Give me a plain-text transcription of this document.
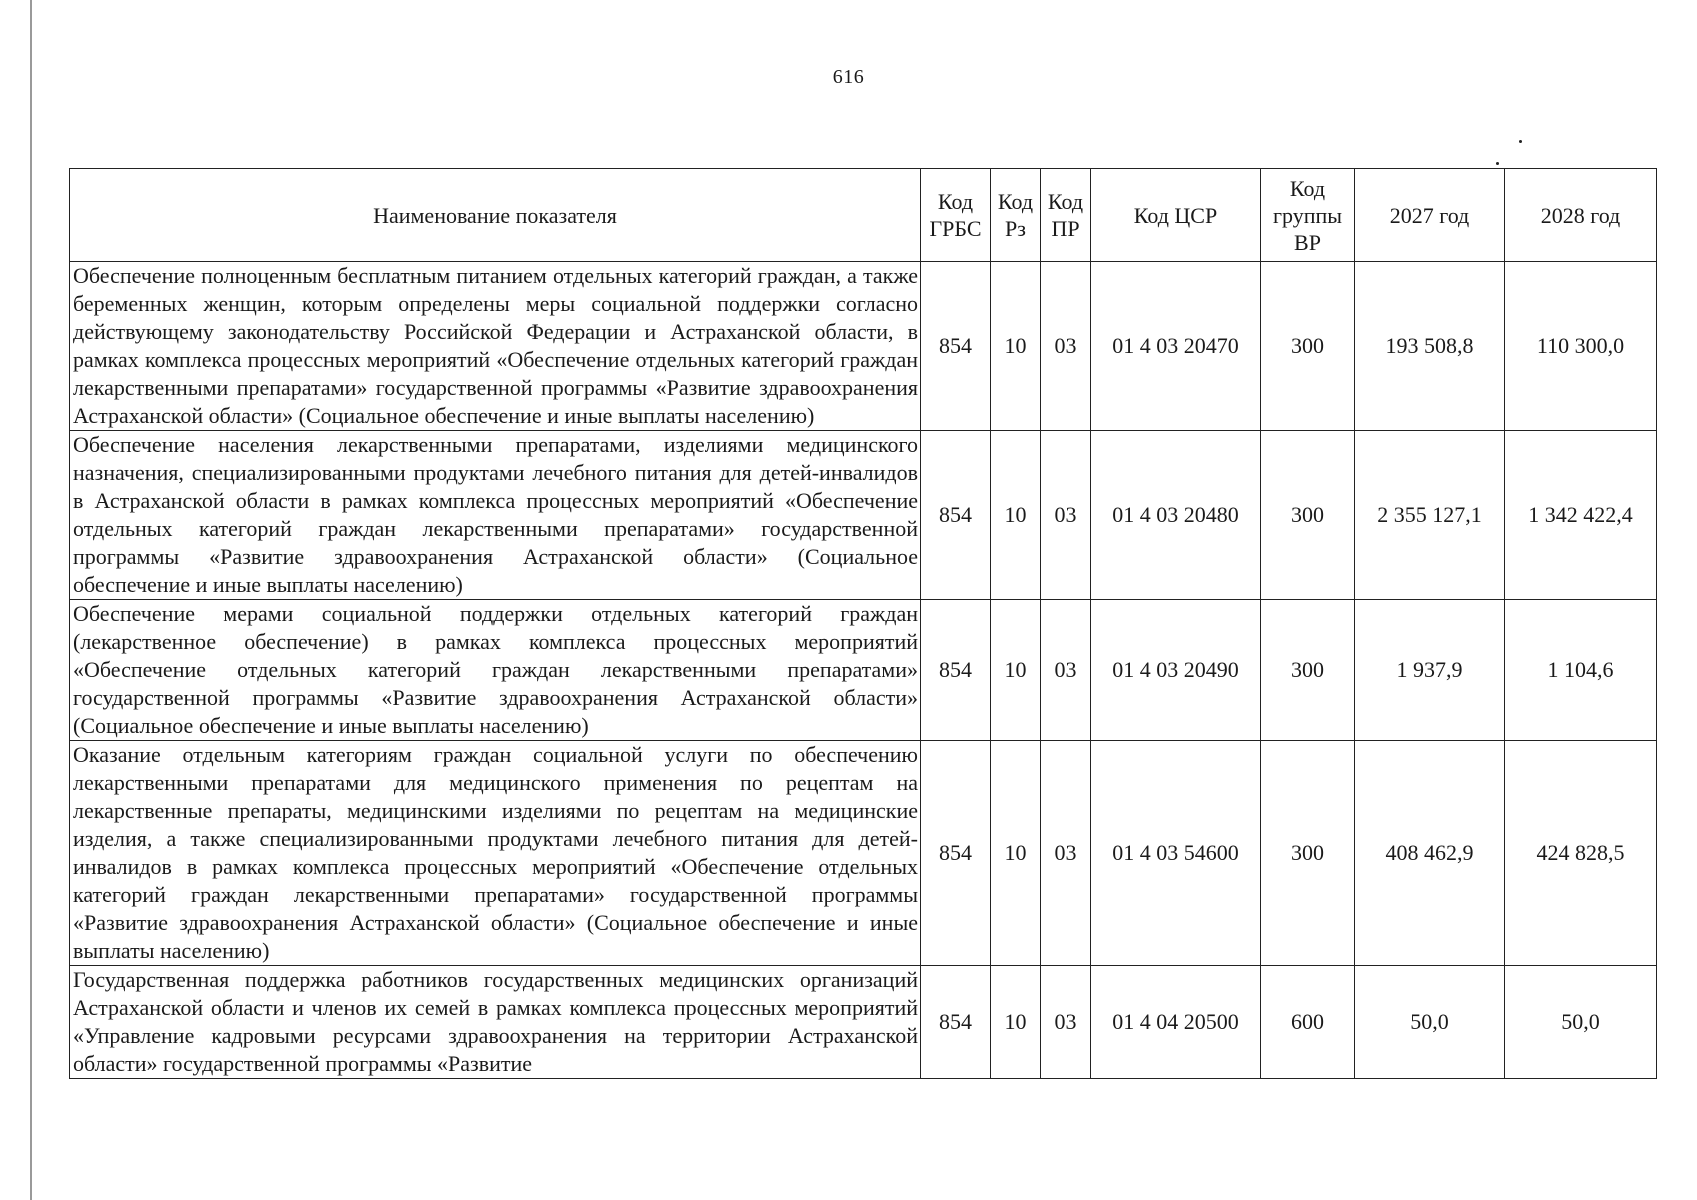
616
Наименование показателя	Код ГРБС	Код Рз	Код ПР	Код ЦСР	Код группы ВР	2027 год	2028 год
Обеспечение полноценным бесплатным питанием отдельных категорий граждан, а также беременных женщин, которым определены меры социальной поддержки согласно действующему законодательству Российской Федерации и Астраханской области, в рамках комплекса процессных мероприятий «Обеспечение отдельных категорий граждан лекарственными препаратами» государственной программы «Развитие здравоохранения Астраханской области» (Социальное обеспечение и иные выплаты населению)	854	10	03	01 4 03 20470	300	193 508,8	110 300,0
Обеспечение населения лекарственными препаратами, изделиями медицинского назначения, специализированными продуктами лечебного питания для детей-инвалидов в Астраханской области в рамках комплекса процессных мероприятий «Обеспечение отдельных категорий граждан лекарственными препаратами» государственной программы «Развитие здравоохранения Астраханской области» (Социальное обеспечение и иные выплаты населению)	854	10	03	01 4 03 20480	300	2 355 127,1	1 342 422,4
Обеспечение мерами социальной поддержки отдельных категорий граждан (лекарственное обеспечение) в рамках комплекса процессных мероприятий «Обеспечение отдельных категорий граждан лекарственными препаратами» государственной программы «Развитие здравоохранения Астраханской области» (Социальное обеспечение и иные выплаты населению)	854	10	03	01 4 03 20490	300	1 937,9	1 104,6
Оказание отдельным категориям граждан социальной услуги по обеспечению лекарственными препаратами для медицинского применения по рецептам на лекарственные препараты, медицинскими изделиями по рецептам на медицинские изделия, а также специализированными продуктами лечебного питания для детей-инвалидов в рамках комплекса процессных мероприятий «Обеспечение отдельных категорий граждан лекарственными препаратами» государственной программы «Развитие здравоохранения Астраханской области» (Социальное обеспечение и иные выплаты населению)	854	10	03	01 4 03 54600	300	408 462,9	424 828,5
Государственная поддержка работников государственных медицинских организаций Астраханской области и членов их семей в рамках комплекса процессных мероприятий «Управление кадровыми ресурсами здравоохранения на территории Астраханской области» государственной программы «Развитие	854	10	03	01 4 04 20500	600	50,0	50,0
